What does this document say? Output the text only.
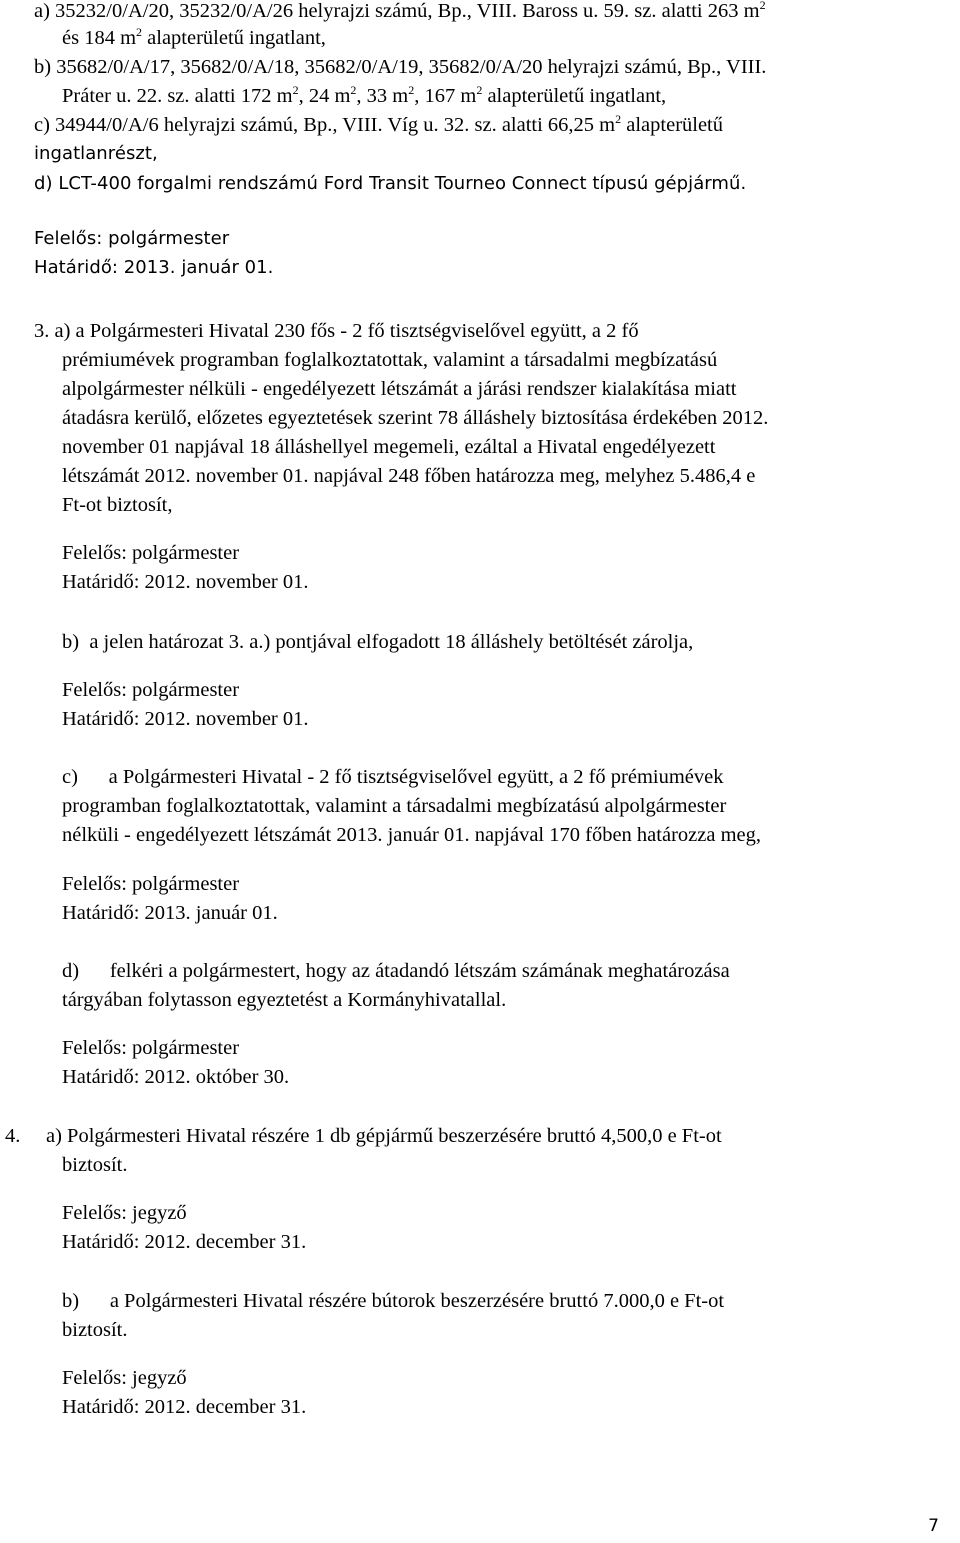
a) 35232/0/A/20, 35232/0/A/26 helyrajzi számú, Bp., VIII. Baross u. 59. sz. alatti 263 $m^2$
és 184 $m^2$ alapterületű ingatlant,
b) 35682/0/A/17, 35682/0/A/18, 35682/0/A/19, 35682/0/A/20 helyrajzi számú, Bp., VIII.
Práter u. 22. sz. alatti 172 $m^2$, 24 $m^2$, 33 $m^2$, 167 $m^2$ alapterületű ingatlant,
c) 34944/0/A/6 helyrajzi számú, Bp., VIII. Víg u. 32. sz. alatti 66,25 $m^2$ alapterületű
ingatlanrészt,
d) LCT-400 forgalmi rendszámú Ford Transit Tourneo Connect típusú gépjármű.
Felelős: polgármester
Határidő: 2013. január 01.
3. a) a Polgármesteri Hivatal 230 fős - 2 fő tisztségviselővel együtt, a 2 fő
prémiumévek programban foglalkoztatottak, valamint a társadalmi megbízatású
alpolgármester nélküli - engedélyezett létszámát a járási rendszer kialakítása miatt
átadásra kerülő, előzetes egyeztetések szerint 78 álláshely biztosítása érdekében 2012.
november 01 napjával 18 álláshellyel megemeli, ezáltal a Hivatal engedélyezett
létszámát 2012. november 01. napjával 248 főben határozza meg, melyhez 5.486,4 e
Ft-ot biztosít,
Felelős: polgármester
Határidő: 2012. november 01.
b)  a jelen határozat 3. a.) pontjával elfogadott 18 álláshely betöltését zárolja,
Felelős: polgármester
Határidő: 2012. november 01.
c)      a Polgármesteri Hivatal - 2 fő tisztségviselővel együtt, a 2 fő prémiumévek
programban foglalkoztatottak, valamint a társadalmi megbízatású alpolgármester
nélküli - engedélyezett létszámát 2013. január 01. napjával 170 főben határozza meg,
Felelős: polgármester
Határidő: 2013. január 01.
d)      felkéri a polgármestert, hogy az átadandó létszám számának meghatározása
tárgyában folytasson egyeztetést a Kormányhivatallal.
Felelős: polgármester
Határidő: 2012. október 30.
4.     a) Polgármesteri Hivatal részére 1 db gépjármű beszerzésére bruttó 4,500,0 e Ft-ot
biztosít.
Felelős: jegyző
Határidő: 2012. december 31.
b)      a Polgármesteri Hivatal részére bútorok beszerzésére bruttó 7.000,0 e Ft-ot
biztosít.
Felelős: jegyző
Határidő: 2012. december 31.
7
